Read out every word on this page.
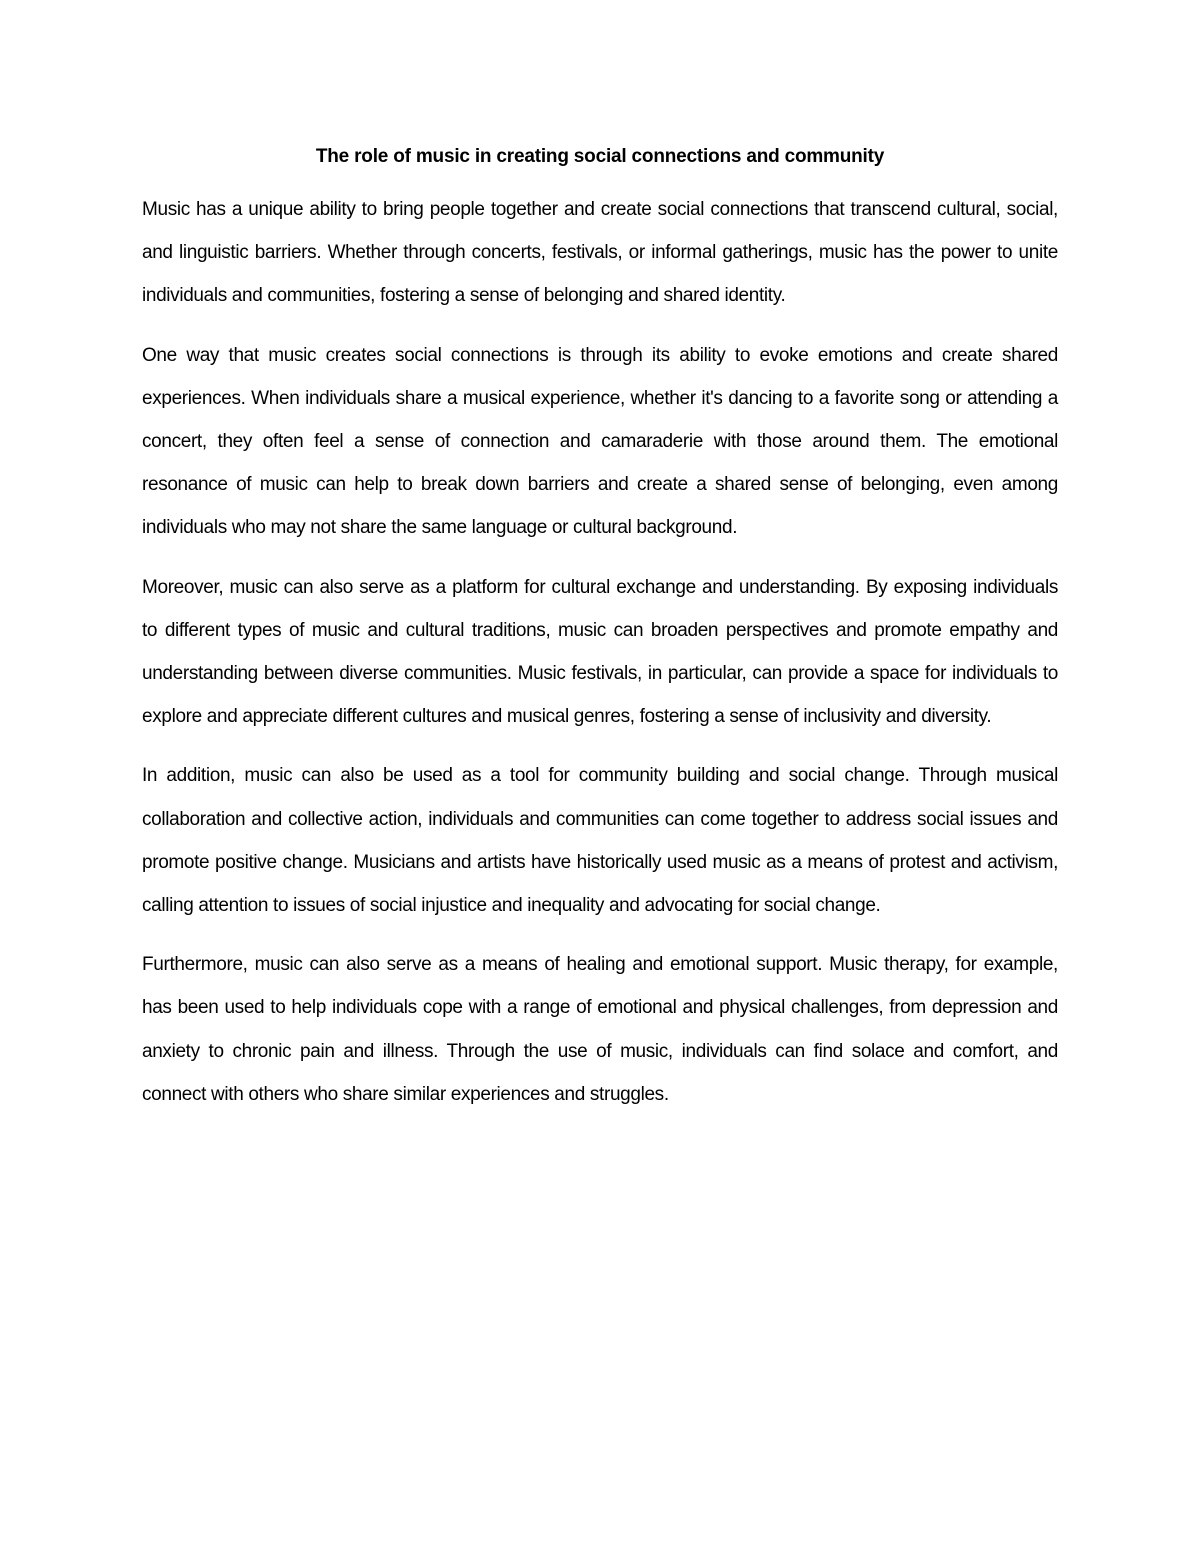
The role of music in creating social connections and community

Music has a unique ability to bring people together and create social connections that transcend cultural, social, and linguistic barriers. Whether through concerts, festivals, or informal gatherings, music has the power to unite individuals and communities, fostering a sense of belonging and shared identity.

One way that music creates social connections is through its ability to evoke emotions and create shared experiences. When individuals share a musical experience, whether it's dancing to a favorite song or attending a concert, they often feel a sense of connection and camaraderie with those around them. The emotional resonance of music can help to break down barriers and create a shared sense of belonging, even among individuals who may not share the same language or cultural background.

Moreover, music can also serve as a platform for cultural exchange and understanding. By exposing individuals to different types of music and cultural traditions, music can broaden perspectives and promote empathy and understanding between diverse communities. Music festivals, in particular, can provide a space for individuals to explore and appreciate different cultures and musical genres, fostering a sense of inclusivity and diversity.

In addition, music can also be used as a tool for community building and social change. Through musical collaboration and collective action, individuals and communities can come together to address social issues and promote positive change. Musicians and artists have historically used music as a means of protest and activism, calling attention to issues of social injustice and inequality and advocating for social change.

Furthermore, music can also serve as a means of healing and emotional support. Music therapy, for example, has been used to help individuals cope with a range of emotional and physical challenges, from depression and anxiety to chronic pain and illness. Through the use of music, individuals can find solace and comfort, and connect with others who share similar experiences and struggles.
